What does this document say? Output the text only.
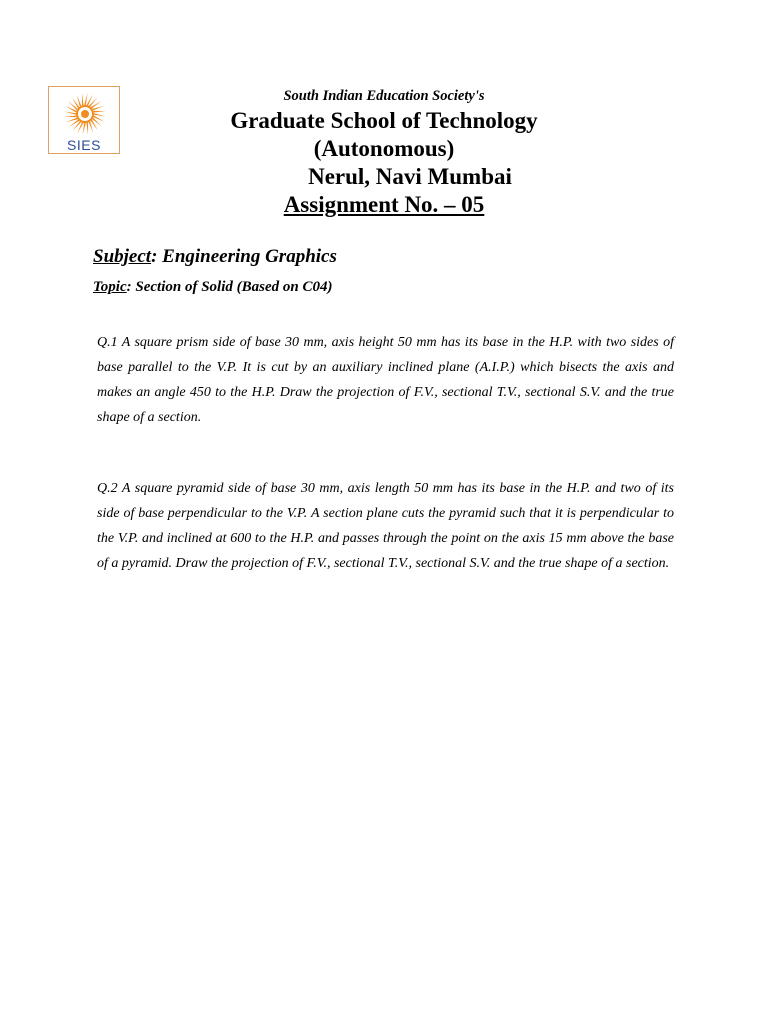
SIES
South Indian Education Society's
Graduate School of Technology
(Autonomous)
Nerul, Navi Mumbai
Assignment No. – 05
Subject: Engineering Graphics
Topic: Section of Solid (Based on C04)

Q.1 A square prism side of base 30 mm, axis height 50 mm has its base in the H.P. with two sides of base parallel to the V.P. It is cut by an auxiliary inclined plane (A.I.P.) which bisects the axis and makes an angle 450 to the H.P. Draw the projection of F.V., sectional T.V., sectional S.V. and the true shape of a section.

Q.2 A square pyramid side of base 30 mm, axis length 50 mm has its base in the H.P. and two of its side of base perpendicular to the V.P. A section plane cuts the pyramid such that it is perpendicular to the V.P. and inclined at 600 to the H.P. and passes through the point on the axis 15 mm above the base of a pyramid. Draw the projection of F.V., sectional T.V., sectional S.V. and the true shape of a section.
